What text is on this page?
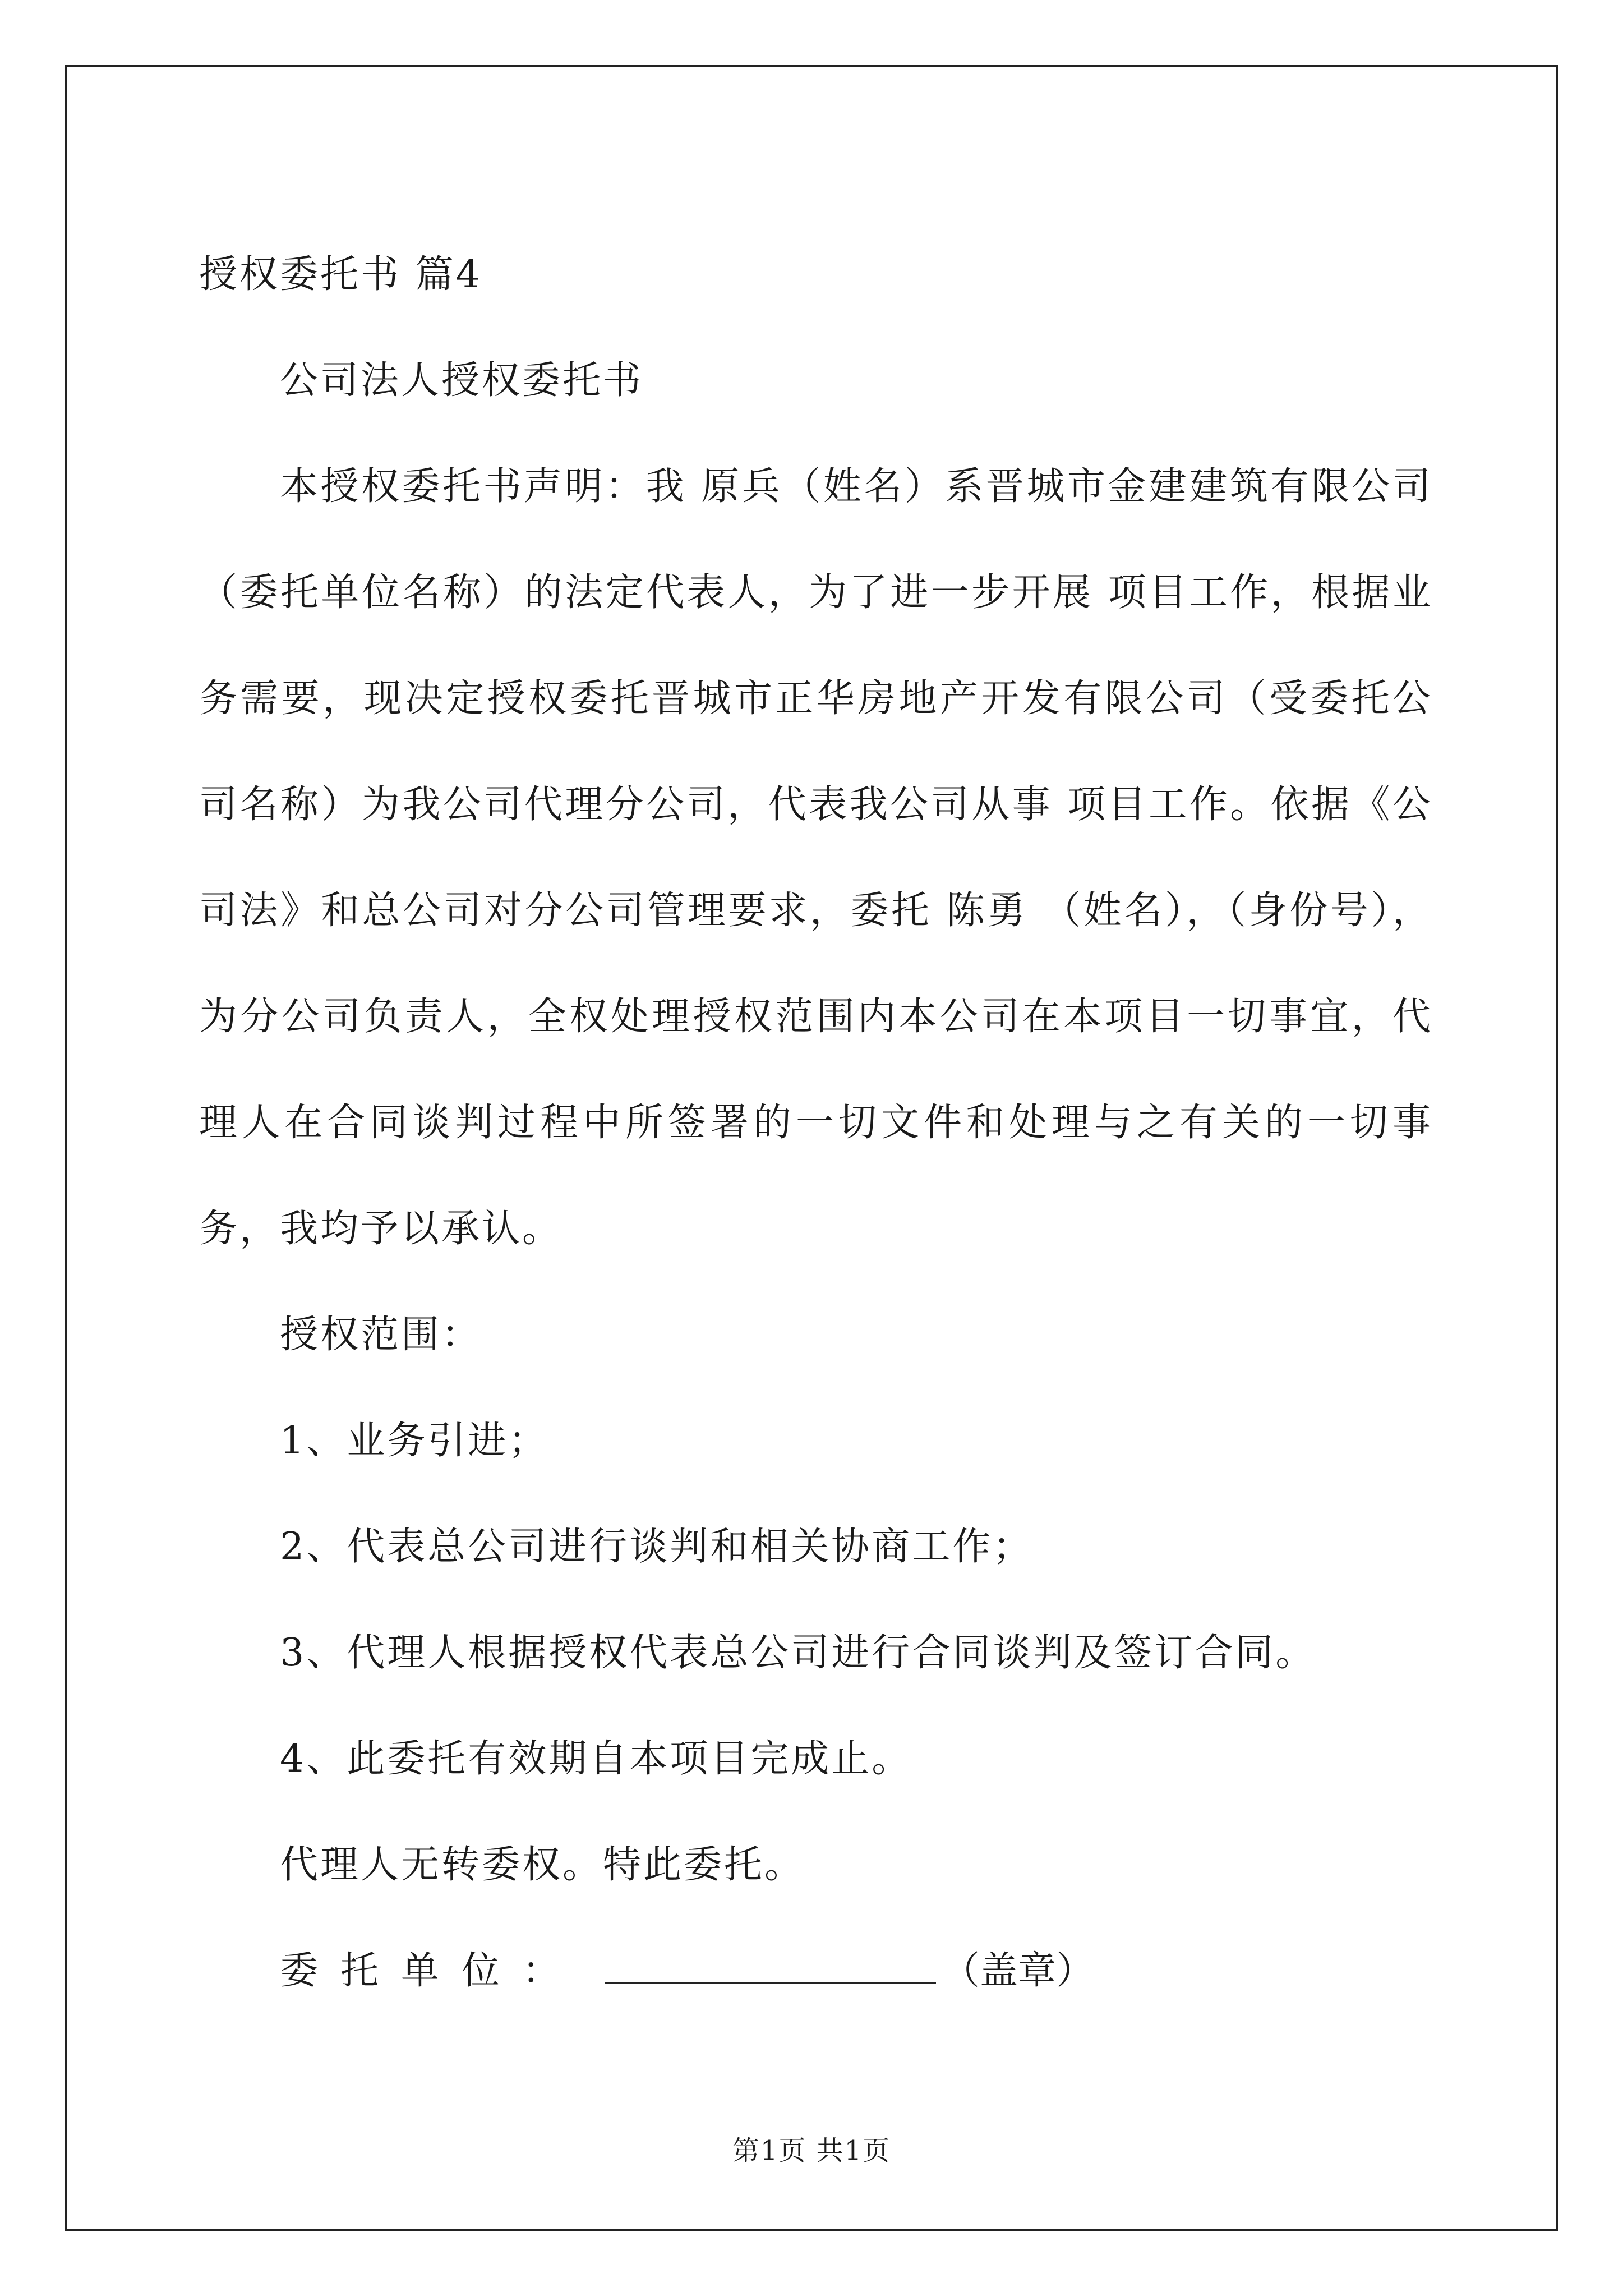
授权委托书 篇4

公司法人授权委托书

本授权委托书声明：我 原兵（姓名）系晋城市金建建筑有限公司（委托单位名称）的法定代表人，为了进一步开展 项目工作，根据业务需要，现决定授权委托晋城市正华房地产开发有限公司（受委托公司名称）为我公司代理分公司，代表我公司从事 项目工作。依据《公司法》和总公司对分公司管理要求，委托 陈勇 （姓名），（身份号），为分公司负责人，全权处理授权范围内本公司在本项目一切事宜，代理人在合同谈判过程中所签署的一切文件和处理与之有关的一切事务，我均予以承认。

授权范围：

1、业务引进；

2、代表总公司进行谈判和相关协商工作；

3、代理人根据授权代表总公司进行合同谈判及签订合同。

4、此委托有效期自本项目完成止。

代理人无转委权。特此委托。

委托单位：	（盖章）
第1页 共1页
